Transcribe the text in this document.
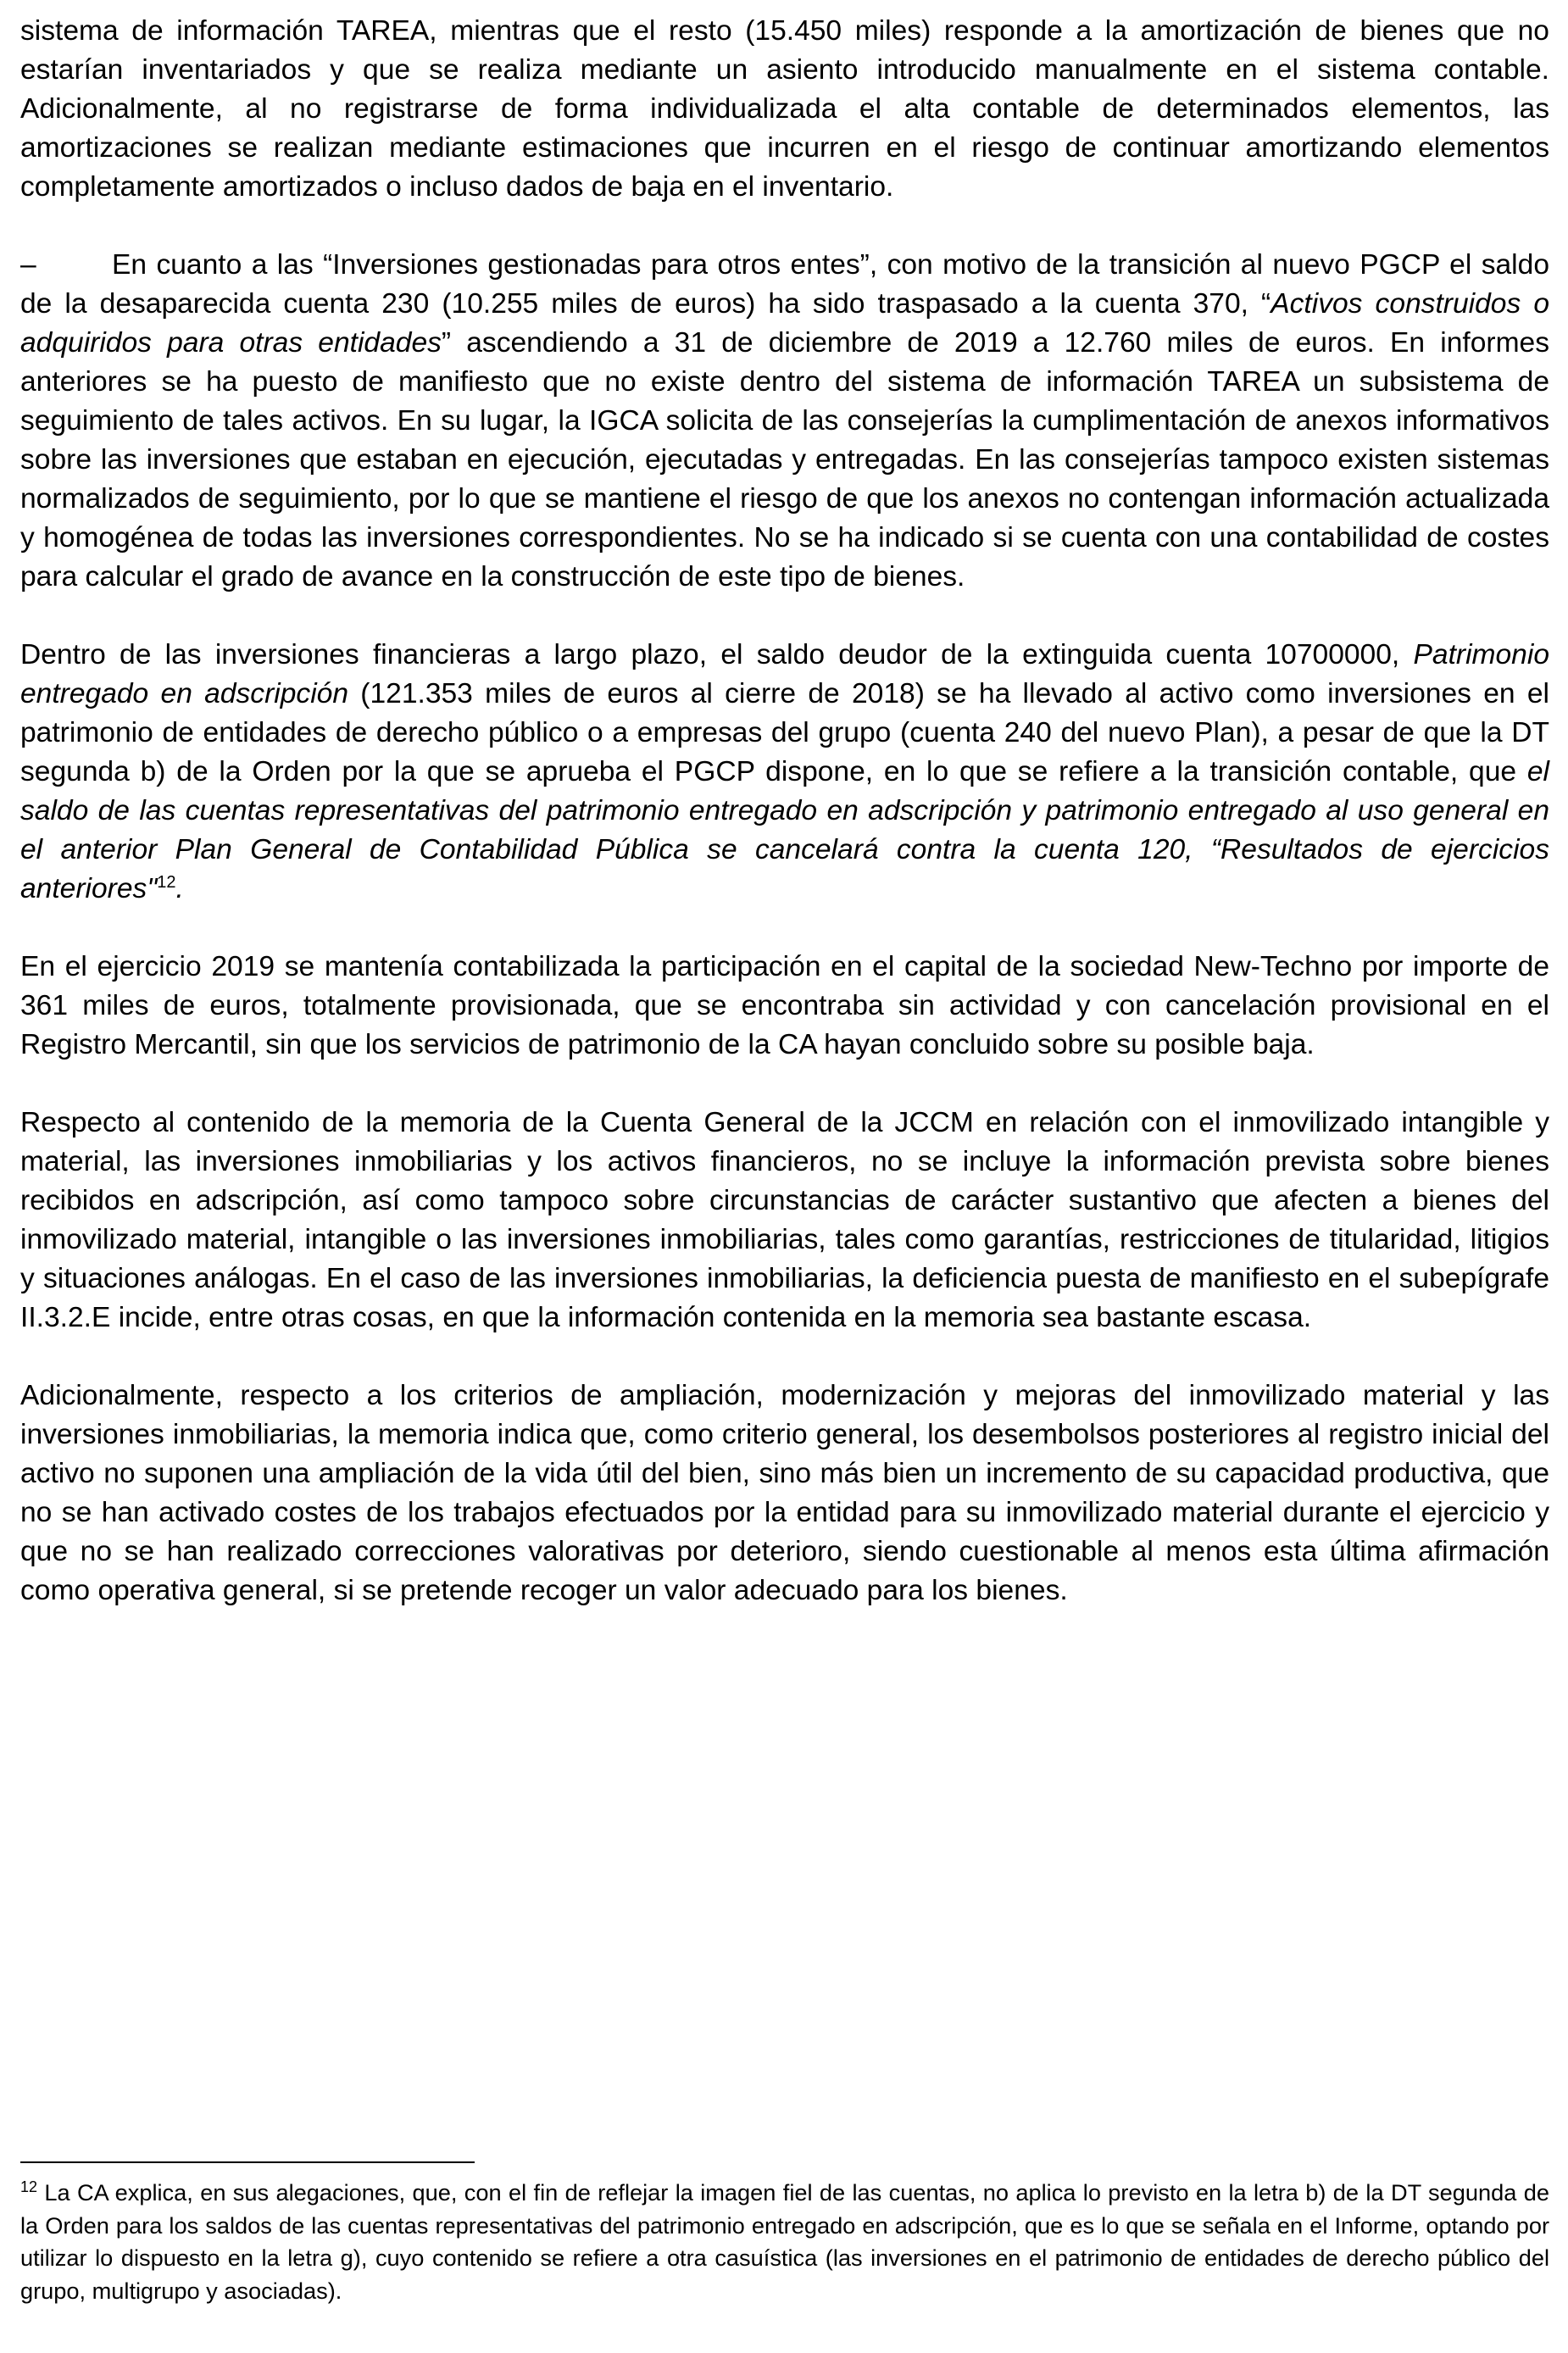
sistema de información TAREA, mientras que el resto (15.450 miles) responde a la amortización de bienes que no estarían inventariados y que se realiza mediante un asiento introducido manualmente en el sistema contable. Adicionalmente, al no registrarse de forma individualizada el alta contable de determinados elementos, las amortizaciones se realizan mediante estimaciones que incurren en el riesgo de continuar amortizando elementos completamente amortizados o incluso dados de baja en el inventario.

–	En cuanto a las “Inversiones gestionadas para otros entes”, con motivo de la transición al nuevo PGCP el saldo de la desaparecida cuenta 230 (10.255 miles de euros) ha sido traspasado a la cuenta 370, “Activos construidos o adquiridos para otras entidades” ascendiendo a 31 de diciembre de 2019 a 12.760 miles de euros. En informes anteriores se ha puesto de manifiesto que no existe dentro del sistema de información TAREA un subsistema de seguimiento de tales activos. En su lugar, la IGCA solicita de las consejerías la cumplimentación de anexos informativos sobre las inversiones que estaban en ejecución, ejecutadas y entregadas. En las consejerías tampoco existen sistemas normalizados de seguimiento, por lo que se mantiene el riesgo de que los anexos no contengan información actualizada y homogénea de todas las inversiones correspondientes. No se ha indicado si se cuenta con una contabilidad de costes para calcular el grado de avance en la construcción de este tipo de bienes.

Dentro de las inversiones financieras a largo plazo, el saldo deudor de la extinguida cuenta 10700000, Patrimonio entregado en adscripción (121.353 miles de euros al cierre de 2018) se ha llevado al activo como inversiones en el patrimonio de entidades de derecho público o a empresas del grupo (cuenta 240 del nuevo Plan), a pesar de que la DT segunda b) de la Orden por la que se aprueba el PGCP dispone, en lo que se refiere a la transición contable, que el saldo de las cuentas representativas del patrimonio entregado en adscripción y patrimonio entregado al uso general en el anterior Plan General de Contabilidad Pública se cancelará contra la cuenta 120, “Resultados de ejercicios anteriores"$^{12}$.

En el ejercicio 2019 se mantenía contabilizada la participación en el capital de la sociedad New-Techno por importe de 361 miles de euros, totalmente provisionada, que se encontraba sin actividad y con cancelación provisional en el Registro Mercantil, sin que los servicios de patrimonio de la CA hayan concluido sobre su posible baja.

Respecto al contenido de la memoria de la Cuenta General de la JCCM en relación con el inmovilizado intangible y material, las inversiones inmobiliarias y los activos financieros, no se incluye la información prevista sobre bienes recibidos en adscripción, así como tampoco sobre circunstancias de carácter sustantivo que afecten a bienes del inmovilizado material, intangible o las inversiones inmobiliarias, tales como garantías, restricciones de titularidad, litigios y situaciones análogas. En el caso de las inversiones inmobiliarias, la deficiencia puesta de manifiesto en el subepígrafe II.3.2.E incide, entre otras cosas, en que la información contenida en la memoria sea bastante escasa.

Adicionalmente, respecto a los criterios de ampliación, modernización y mejoras del inmovilizado material y las inversiones inmobiliarias, la memoria indica que, como criterio general, los desembolsos posteriores al registro inicial del activo no suponen una ampliación de la vida útil del bien, sino más bien un incremento de su capacidad productiva, que no se han activado costes de los trabajos efectuados por la entidad para su inmovilizado material durante el ejercicio y que no se han realizado correcciones valorativas por deterioro, siendo cuestionable al menos esta última afirmación como operativa general, si se pretende recoger un valor adecuado para los bienes.

$^{12}$ La CA explica, en sus alegaciones, que, con el fin de reflejar la imagen fiel de las cuentas, no aplica lo previsto en la letra b) de la DT segunda de la Orden para los saldos de las cuentas representativas del patrimonio entregado en adscripción, que es lo que se señala en el Informe, optando por utilizar lo dispuesto en la letra g), cuyo contenido se refiere a otra casuística (las inversiones en el patrimonio de entidades de derecho público del grupo, multigrupo y asociadas).
